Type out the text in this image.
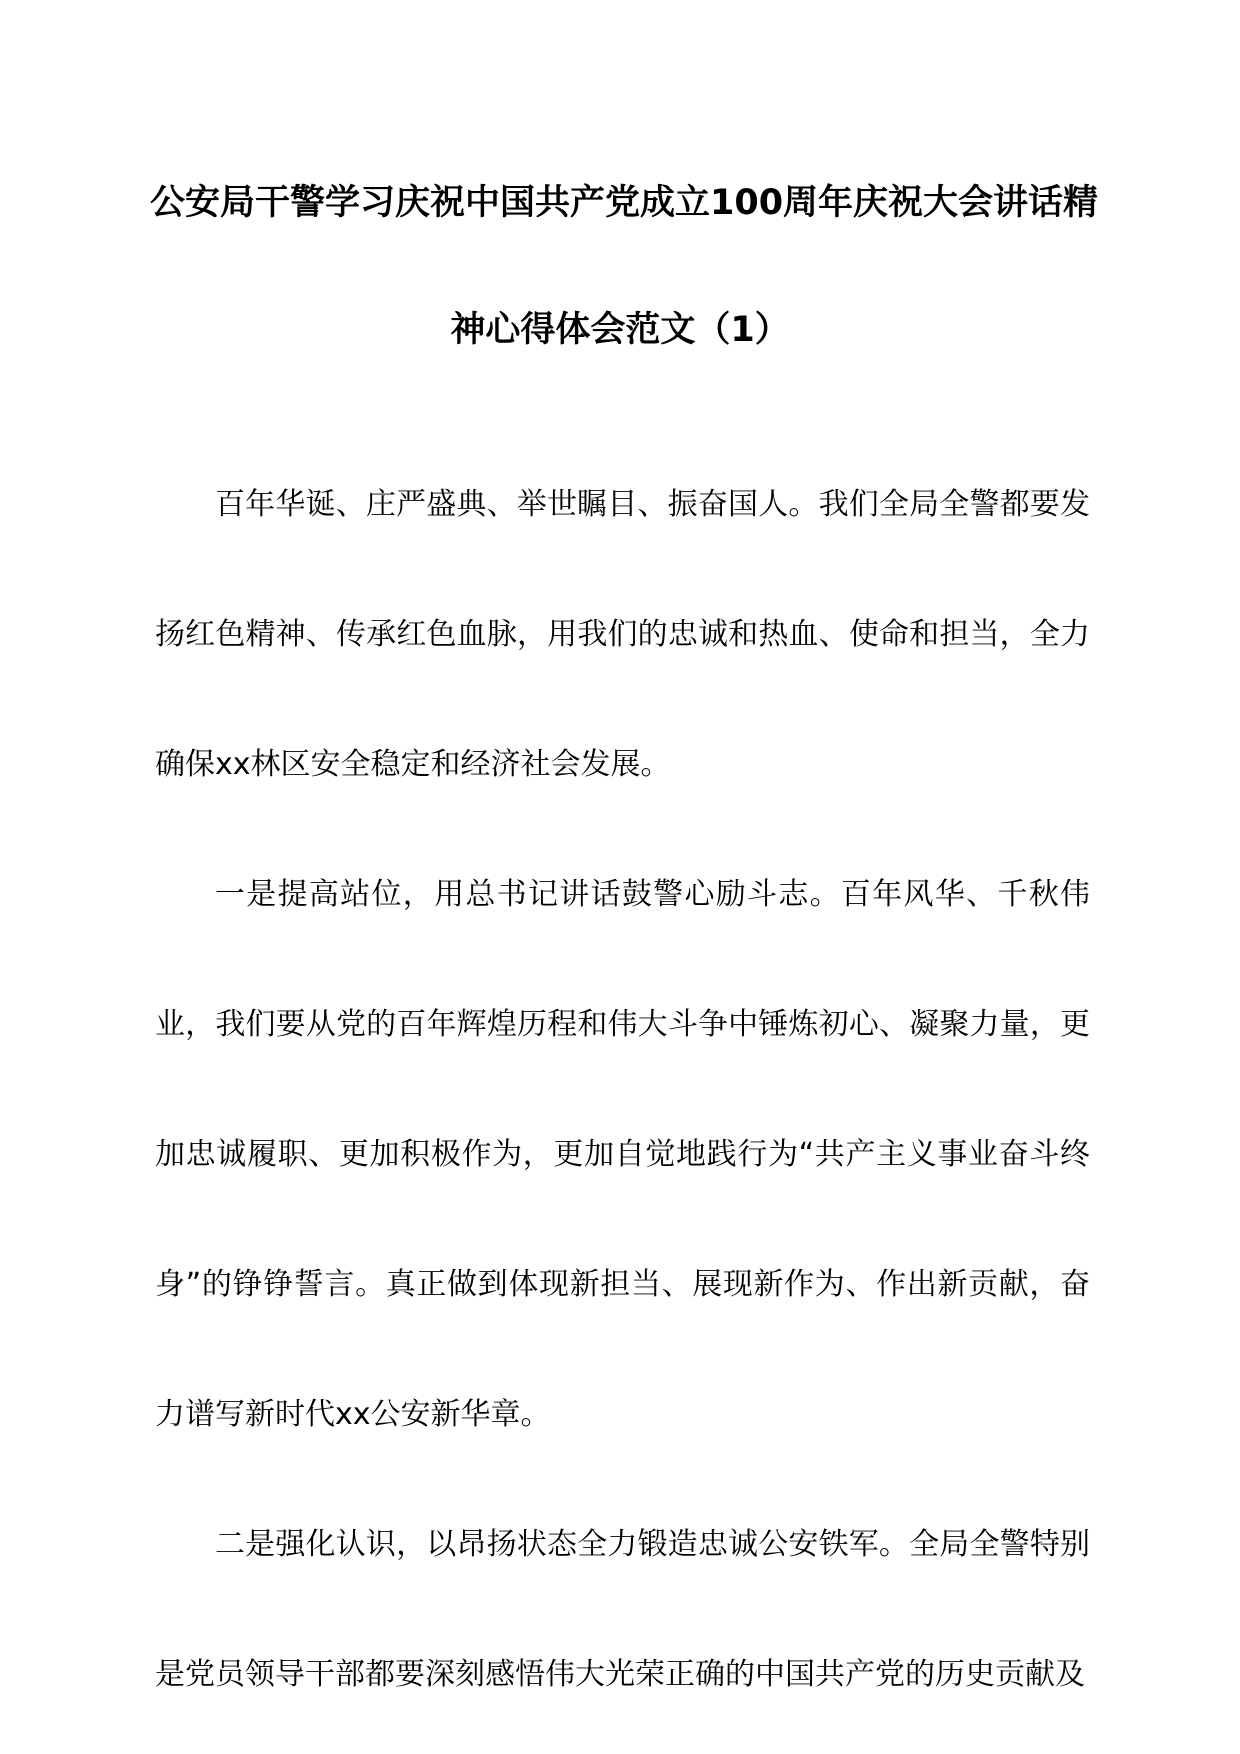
公安局干警学习庆祝中国共产党成立100周年庆祝大会讲话精
神心得体会范文（1）

百年华诞、庄严盛典、举世瞩目、振奋国人。我们全局全警都要发扬红色精神、传承红色血脉，用我们的忠诚和热血、使命和担当，全力确保xx林区安全稳定和经济社会发展。

一是提高站位，用总书记讲话鼓警心励斗志。百年风华、千秋伟业，我们要从党的百年辉煌历程和伟大斗争中锤炼初心、凝聚力量，更加忠诚履职、更加积极作为，更加自觉地践行为“共产主义事业奋斗终身”的铮铮誓言。真正做到体现新担当、展现新作为、作出新贡献，奋力谱写新时代xx公安新华章。

二是强化认识，以昂扬状态全力锻造忠诚公安铁军。全局全警特别是党员领导干部都要深刻感悟伟大光荣正确的中国共产党的历史贡献及
